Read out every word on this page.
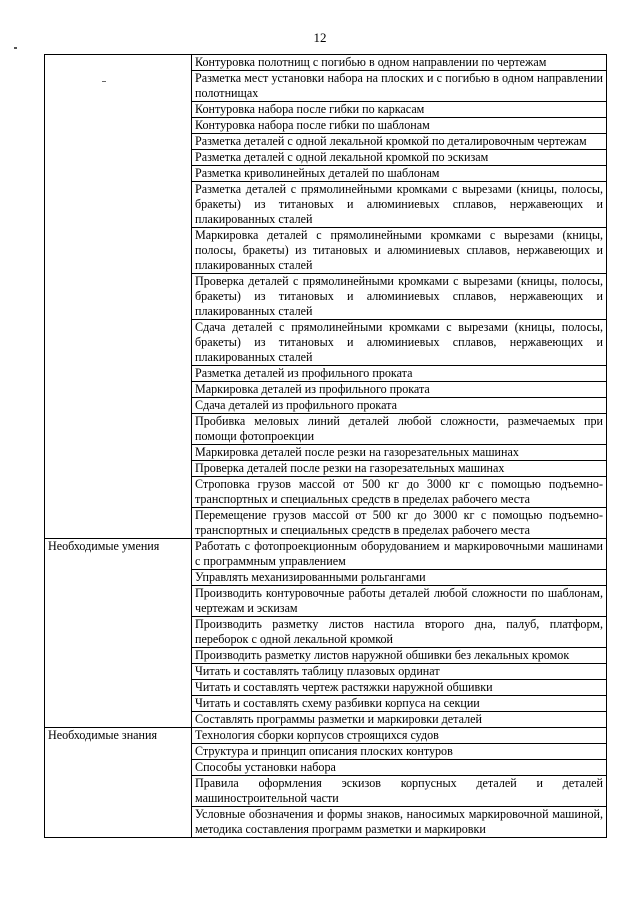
12
	Контуровка полотнищ с погибью в одном направлении по чертежам
	Разметка мест установки набора на плоских и с погибью в одном направлении полотнищах
	Контуровка набора после гибки по каркасам
	Контуровка набора после гибки по шаблонам
	Разметка деталей с одной лекальной кромкой по деталировочным чертежам
	Разметка деталей с одной лекальной кромкой по эскизам
	Разметка криволинейных деталей по шаблонам
	Разметка деталей с прямолинейными кромками с вырезами (кницы, полосы, бракеты) из титановых и алюминиевых сплавов, нержавеющих и плакированных сталей
	Маркировка деталей с прямолинейными кромками с вырезами (кницы, полосы, бракеты) из титановых и алюминиевых сплавов, нержавеющих и плакированных сталей
	Проверка деталей с прямолинейными кромками с вырезами (кницы, полосы, бракеты) из титановых и алюминиевых сплавов, нержавеющих и плакированных сталей
	Сдача деталей с прямолинейными кромками с вырезами (кницы, полосы, бракеты) из титановых и алюминиевых сплавов, нержавеющих и плакированных сталей
	Разметка деталей из профильного проката
	Маркировка деталей из профильного проката
	Сдача деталей из профильного проката
	Пробивка меловых линий деталей любой сложности, размечаемых при помощи фотопроекции
	Маркировка деталей после резки на газорезательных машинах
	Проверка деталей после резки на газорезательных машинах
	Строповка грузов массой от 500 кг до 3000 кг с помощью подъемно-транспортных и специальных средств в пределах рабочего места
	Перемещение грузов массой от 500 кг до 3000 кг с помощью подъемно-транспортных и специальных средств в пределах рабочего места
Необходимые умения	Работать с фотопроекционным оборудованием и маркировочными машинами с программным управлением
	Управлять механизированными рольгангами
	Производить контуровочные работы деталей любой сложности по шаблонам, чертежам и эскизам
	Производить разметку листов настила второго дна, палуб, платформ, переборок с одной лекальной кромкой
	Производить разметку листов наружной обшивки без лекальных кромок
	Читать и составлять таблицу плазовых ординат
	Читать и составлять чертеж растяжки наружной обшивки
	Читать и составлять схему разбивки корпуса на секции
	Составлять программы разметки и маркировки деталей
Необходимые знания	Технология сборки корпусов строящихся судов
	Структура и принцип описания плоских контуров
	Способы установки набора
	Правила оформления эскизов корпусных деталей и деталей машиностроительной части
	Условные обозначения и формы знаков, наносимых маркировочной машиной, методика составления программ разметки и маркировки
